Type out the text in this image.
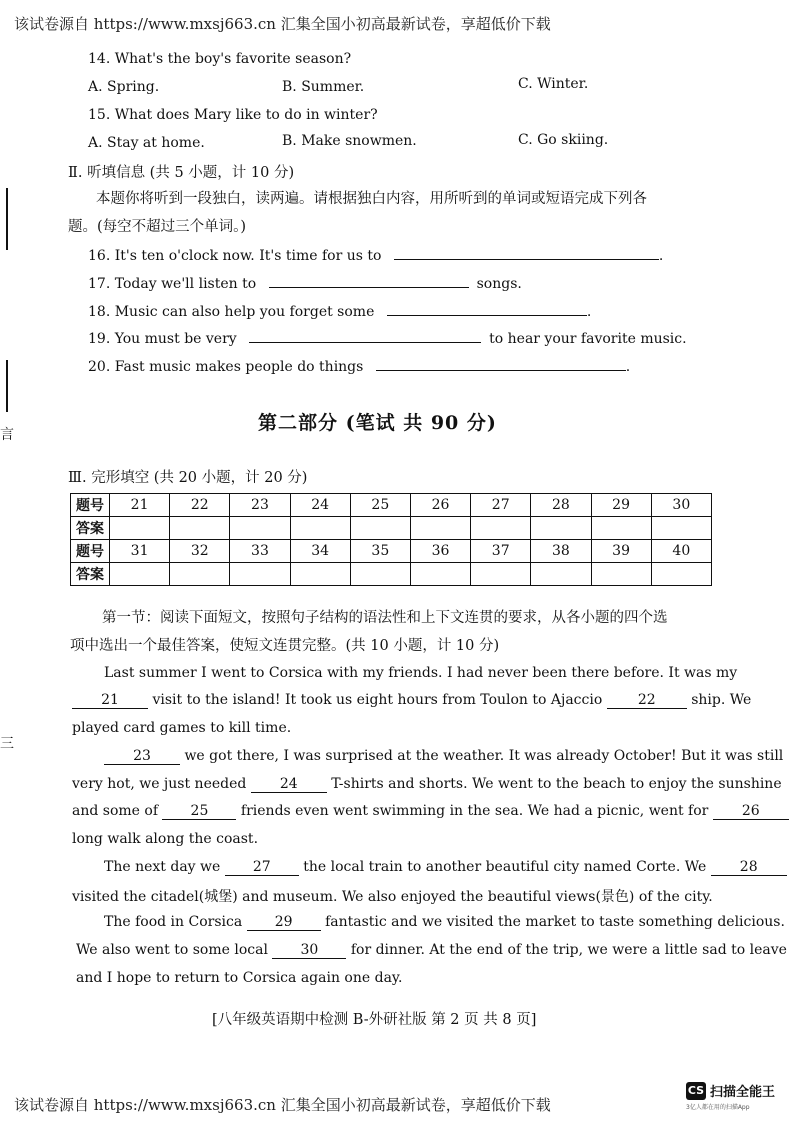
该试卷源自 https://www.mxsj663.cn 汇集全国小初高最新试卷，享超低价下载
言
三
14. What's the boy's favorite season?
A. Spring.	B. Summer.	C. Winter.
15. What does Mary like to do in winter?
A. Stay at home.	B. Make snowmen.	C. Go skiing.
Ⅱ. 听填信息 (共 5 小题，计 10 分)
本题你将听到一段独白，读两遍。请根据独白内容，用所听到的单词或短语完成下列各
题。(每空不超过三个单词。)
16. It's ten o'clock now. It's time for us to	.
17. Today we'll listen to	songs.
18. Music can also help you forget some	.
19. You must be very	to hear your favorite music.
20. Fast music makes people do things	.
第二部分 (笔试 共 90 分)
Ⅲ. 完形填空 (共 20 小题，计 20 分)
题号	21	22	23	24	25	26	27	28	29	30
答案										
题号	31	32	33	34	35	36	37	38	39	40
答案										
第一节：阅读下面短文，按照句子结构的语法性和上下文连贯的要求，从各小题的四个选
项中选出一个最佳答案，使短文连贯完整。(共 10 小题，计 10 分)
Last summer I went to Corsica with my friends. I had never been there before. It was my
21 visit to the island! It took us eight hours from Toulon to Ajaccio	22	ship. We
played card games to kill time.
23 we got there, I was surprised at the weather. It was already October! But it was still
very hot, we just needed 24 T-shirts and shorts. We went to the beach to enjoy the sunshine
and some of 25 friends even went swimming in the sea. We had a picnic, went for 26
long walk along the coast.
The next day we 27 the local train to another beautiful city named Corte. We 28
visited the citadel(城堡) and museum. We also enjoyed the beautiful views(景色) of the city.
The food in Corsica 29 fantastic and we visited the market to taste something delicious.
We also went to some local 30 for dinner. At the end of the trip, we were a little sad to leave
and I hope to return to Corsica again one day.
[八年级英语期中检测 B-外研社版 第 2 页 共 8 页]
该试卷源自 https://www.mxsj663.cn 汇集全国小初高最新试卷，享超低价下载
CS 扫描全能王
3亿人都在用的扫描App
